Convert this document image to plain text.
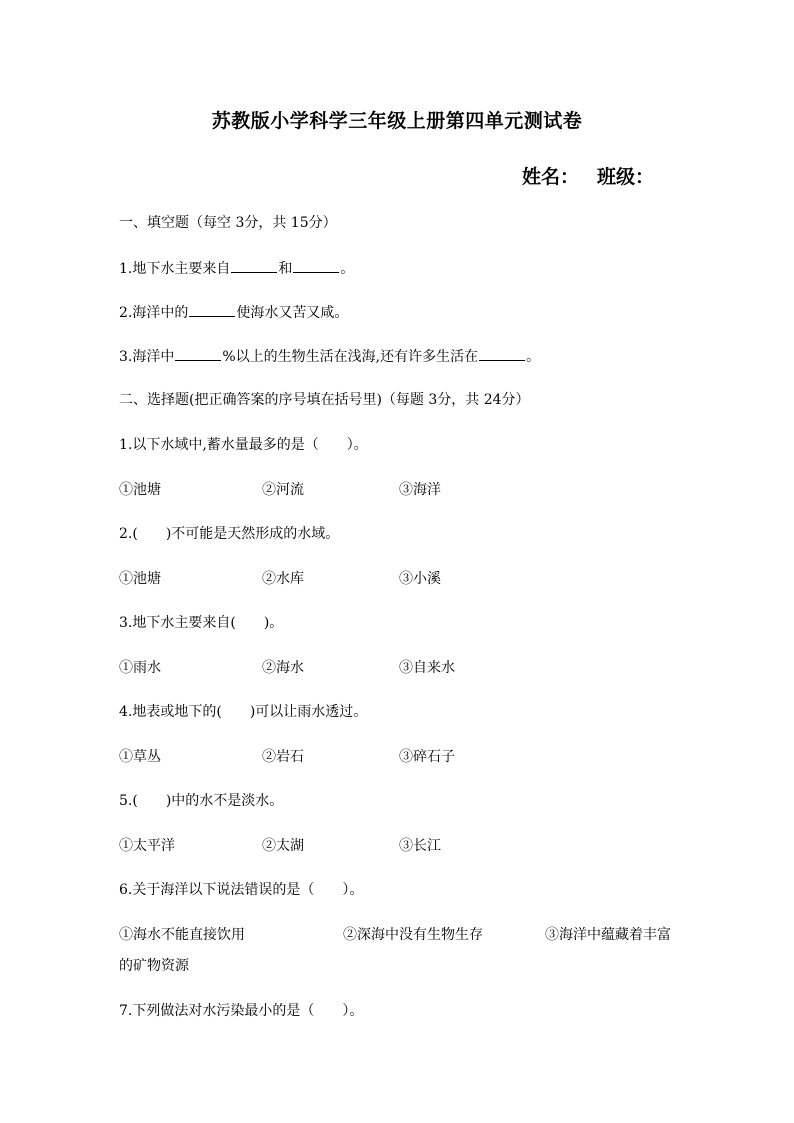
苏教版小学科学三年级上册第四单元测试卷
姓名： 班级：
一、填空题（每空 3分，共 15分）
1.地下水主要来自	和	。
2.海洋中的	使海水又苦又咸。
3.海洋中	%以上的生物生活在浅海,还有许多生活在	。
二、选择题(把正确答案的序号填在括号里)（每题 3分，共 24分）
1.以下水域中,蓄水量最多的是（　　）。
①池塘	②河流	③海洋
2.(　　)不可能是天然形成的水域。
①池塘	②水库	③小溪
3.地下水主要来自(　　)。
①雨水	②海水	③自来水
4.地表或地下的(　　)可以让雨水透过。
①草丛	②岩石	③碎石子
5.(　　)中的水不是淡水。
①太平洋	②太湖	③长江
6.关于海洋以下说法错误的是（　　）。
①海水不能直接饮用	②深海中没有生物生存	③海洋中蕴藏着丰富
的矿物资源
7.下列做法对水污染最小的是（　　）。
